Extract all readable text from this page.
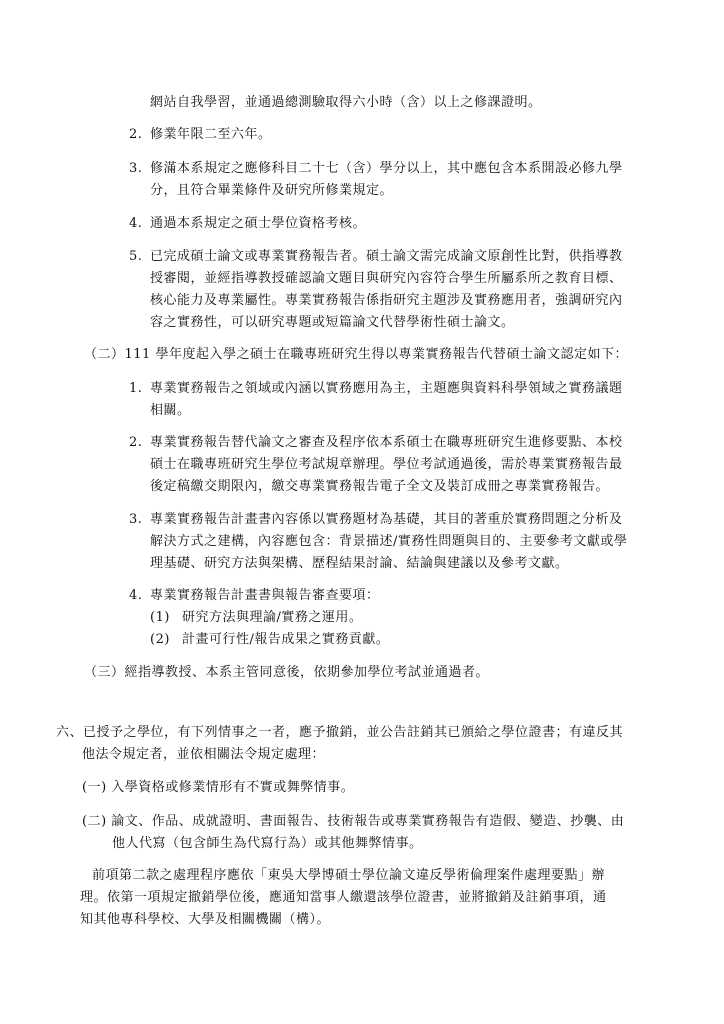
網站自我學習，並通過總測驗取得六小時（含）以上之修課證明。
2. 修業年限二至六年。
3. 修滿本系規定之應修科目二十七（含）學分以上，其中應包含本系開設必修九學
分，且符合畢業條件及研究所修業規定。
4. 通過本系規定之碩士學位資格考核。
5. 已完成碩士論文或專業實務報告者。碩士論文需完成論文原創性比對，供指導教
授審閱，並經指導教授確認論文題目與研究內容符合學生所屬系所之教育目標、
核心能力及專業屬性。專業實務報告係指研究主題涉及實務應用者，強調研究內
容之實務性，可以研究專題或短篇論文代替學術性碩士論文。
（二）111 學年度起入學之碩士在職專班研究生得以專業實務報告代替碩士論文認定如下：
1. 專業實務報告之領域或內涵以實務應用為主，主題應與資料科學領域之實務議題
相關。
2. 專業實務報告替代論文之審查及程序依本系碩士在職專班研究生進修要點、本校
碩士在職專班研究生學位考試規章辦理。學位考試通過後，需於專業實務報告最
後定稿繳交期限內，繳交專業實務報告電子全文及裝訂成冊之專業實務報告。
3. 專業實務報告計畫書內容係以實務題材為基礎，其目的著重於實務問題之分析及
解決方式之建構，內容應包含：背景描述/實務性問題與目的、主要參考文獻或學
理基礎、研究方法與架構、歷程結果討論、結論與建議以及參考文獻。
4. 專業實務報告計畫書與報告審查要項：
(1) 研究方法與理論/實務之運用。
(2) 計畫可行性/報告成果之實務貢獻。
（三）經指導教授、本系主管同意後，依期參加學位考試並通過者。
六、已授予之學位，有下列情事之一者，應予撤銷，並公告註銷其已頒給之學位證書；有違反其
他法令規定者，並依相關法令規定處理：
(一) 入學資格或修業情形有不實或舞弊情事。
(二) 論文、作品、成就證明、書面報告、技術報告或專業實務報告有造假、變造、抄襲、由
他人代寫（包含師生為代寫行為）或其他舞弊情事。
前項第二款之處理程序應依「東吳大學博碩士學位論文違反學術倫理案件處理要點」辦
理。依第一項規定撤銷學位後，應通知當事人繳還該學位證書，並將撤銷及註銷事項，通
知其他專科學校、大學及相關機關（構）。
